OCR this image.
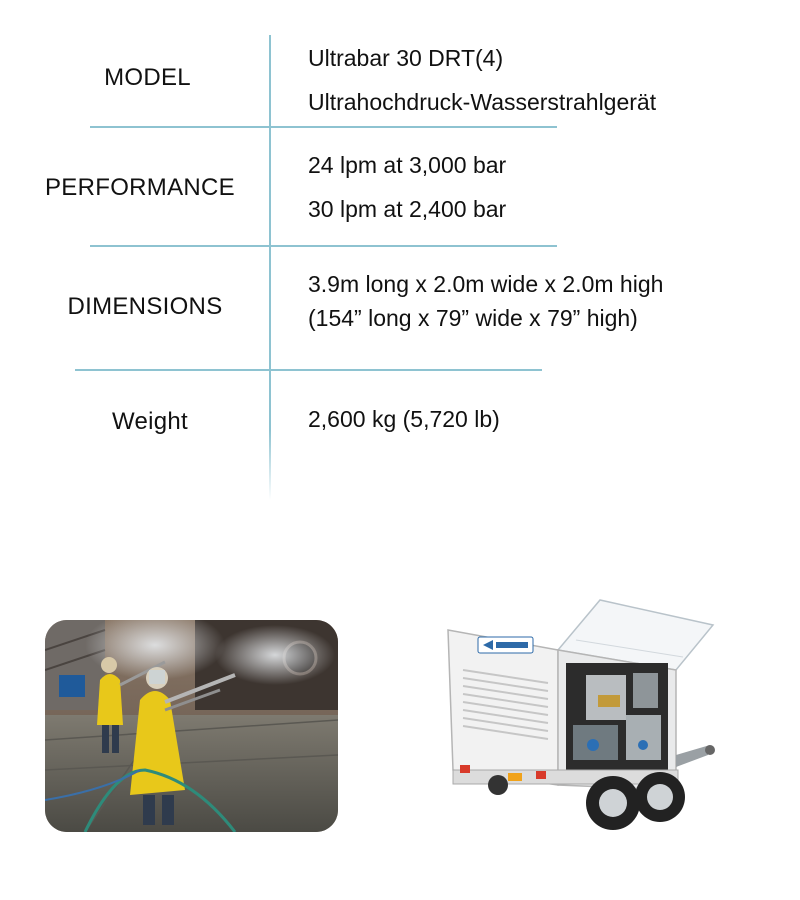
MODEL
Ultrabar 30 DRT(4)
Ultrahochdruck-Wasserstrahlgerät
PERFORMANCE
24 lpm at 3,000 bar
30 lpm at 2,400 bar
DIMENSIONS
3.9m long x 2.0m wide x 2.0m high
(154” long x 79” wide x 79” high)
Weight	2,600 kg (5,720 lb)
